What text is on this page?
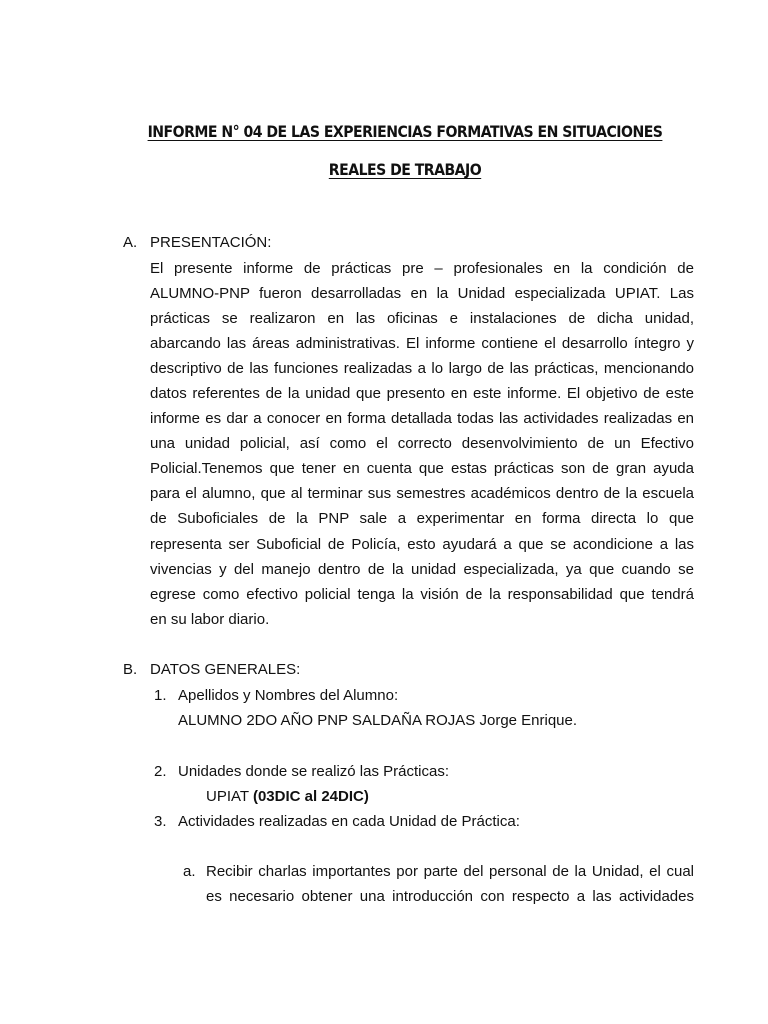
INFORME N° 04 DE LAS EXPERIENCIAS FORMATIVAS EN SITUACIONES
REALES DE TRABAJO
A. PRESENTACIÓN:
El presente informe de prácticas pre – profesionales en la condición de
ALUMNO-PNP fueron desarrolladas en la Unidad especializada UPIAT. Las
prácticas se realizaron en las oficinas e instalaciones de dicha unidad,
abarcando las áreas administrativas. El informe contiene el desarrollo íntegro y
descriptivo de las funciones realizadas a lo largo de las prácticas, mencionando
datos referentes de la unidad que presento en este informe. El objetivo de este
informe es dar a conocer en forma detallada todas las actividades realizadas en
una unidad policial, así como el correcto desenvolvimiento de un Efectivo
Policial.Tenemos que tener en cuenta que estas prácticas son de gran ayuda
para el alumno, que al terminar sus semestres académicos dentro de la escuela
de Suboficiales de la PNP sale a experimentar en forma directa lo que
representa ser Suboficial de Policía, esto ayudará a que se acondicione a las
vivencias y del manejo dentro de la unidad especializada, ya que cuando se
egrese como efectivo policial tenga la visión de la responsabilidad que tendrá
en su labor diario.
B. DATOS GENERALES:
1. Apellidos y Nombres del Alumno:
ALUMNO 2DO AÑO PNP SALDAÑA ROJAS Jorge Enrique.
2. Unidades donde se realizó las Prácticas:
UPIAT (03DIC al 24DIC)
3. Actividades realizadas en cada Unidad de Práctica:
a. Recibir charlas importantes por parte del personal de la Unidad, el cual
es necesario obtener una introducción con respecto a las actividades
